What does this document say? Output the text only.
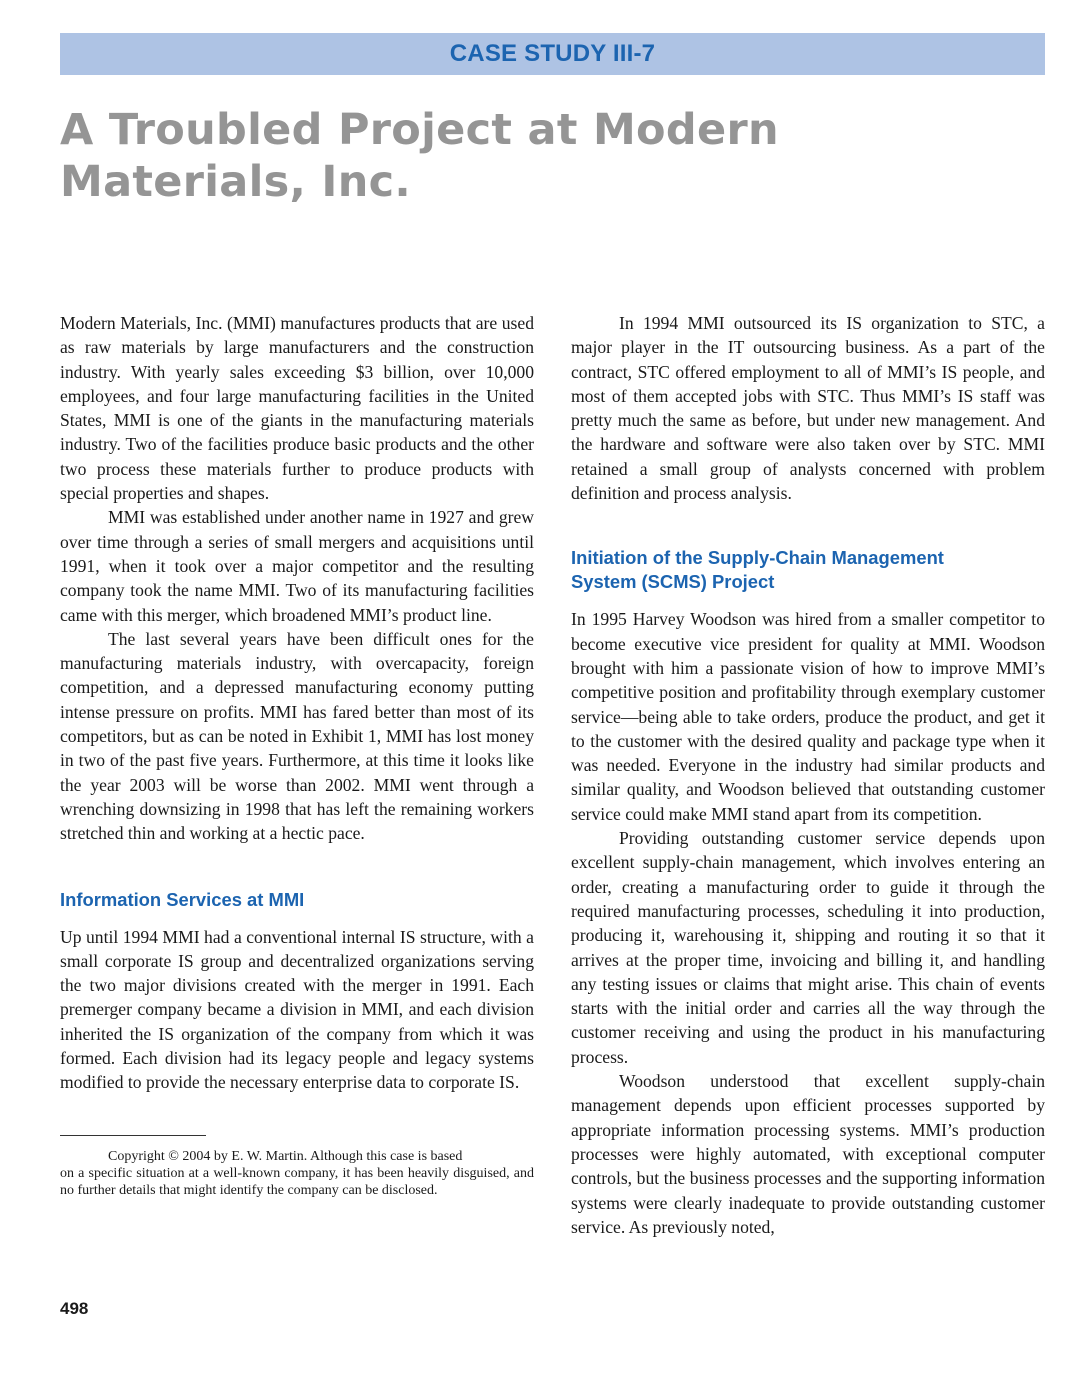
CASE STUDY III-7
A Troubled Project at Modern Materials, Inc.

Modern Materials, Inc. (MMI) manufactures products that are used as raw materials by large manufacturers and the construction industry. With yearly sales exceeding $3 billion, over 10,000 employees, and four large manufacturing facilities in the United States, MMI is one of the giants in the manufacturing materials industry. Two of the facilities produce basic products and the other two process these materials further to produce products with special properties and shapes.

MMI was established under another name in 1927 and grew over time through a series of small mergers and acquisitions until 1991, when it took over a major competitor and the resulting company took the name MMI. Two of its manufacturing facilities came with this merger, which broadened MMI’s product line.

The last several years have been difficult ones for the manufacturing materials industry, with overcapacity, foreign competition, and a depressed manufacturing economy putting intense pressure on profits. MMI has fared better than most of its competitors, but as can be noted in Exhibit 1, MMI has lost money in two of the past five years. Furthermore, at this time it looks like the year 2003 will be worse than 2002. MMI went through a wrenching downsizing in 1998 that has left the remaining workers stretched thin and working at a hectic pace.

Information Services at MMI

Up until 1994 MMI had a conventional internal IS structure, with a small corporate IS group and decentralized organizations serving the two major divisions created with the merger in 1991. Each premerger company became a division in MMI, and each division inherited the IS organization of the company from which it was formed. Each division had its legacy people and legacy systems modified to provide the necessary enterprise data to corporate IS.

Copyright © 2004 by E. W. Martin. Although this case is based
on a specific situation at a well-known company, it has been heavily disguised, and no further details that might identify the company can be disclosed.

In 1994 MMI outsourced its IS organization to STC, a major player in the IT outsourcing business. As a part of the contract, STC offered employment to all of MMI’s IS people, and most of them accepted jobs with STC. Thus MMI’s IS staff was pretty much the same as before, but under new management. And the hardware and software were also taken over by STC. MMI retained a small group of analysts concerned with problem definition and process analysis.

Initiation of the Supply-Chain Management
System (SCMS) Project

In 1995 Harvey Woodson was hired from a smaller competitor to become executive vice president for quality at MMI. Woodson brought with him a passionate vision of how to improve MMI’s competitive position and profitability through exemplary customer service—being able to take orders, produce the product, and get it to the customer with the desired quality and package type when it was needed. Everyone in the industry had similar products and similar quality, and Woodson believed that outstanding customer service could make MMI stand apart from its competition.

Providing outstanding customer service depends upon excellent supply-chain management, which involves entering an order, creating a manufacturing order to guide it through the required manufacturing processes, scheduling it into production, producing it, warehousing it, shipping and routing it so that it arrives at the proper time, invoicing and billing it, and handling any testing issues or claims that might arise. This chain of events starts with the initial order and carries all the way through the customer receiving and using the product in his manufacturing process.

Woodson understood that excellent supply-chain management depends upon efficient processes supported by appropriate information processing systems. MMI’s production processes were highly automated, with exceptional computer controls, but the business processes and the supporting information systems were clearly inadequate to provide outstanding customer service. As previously noted,

498
